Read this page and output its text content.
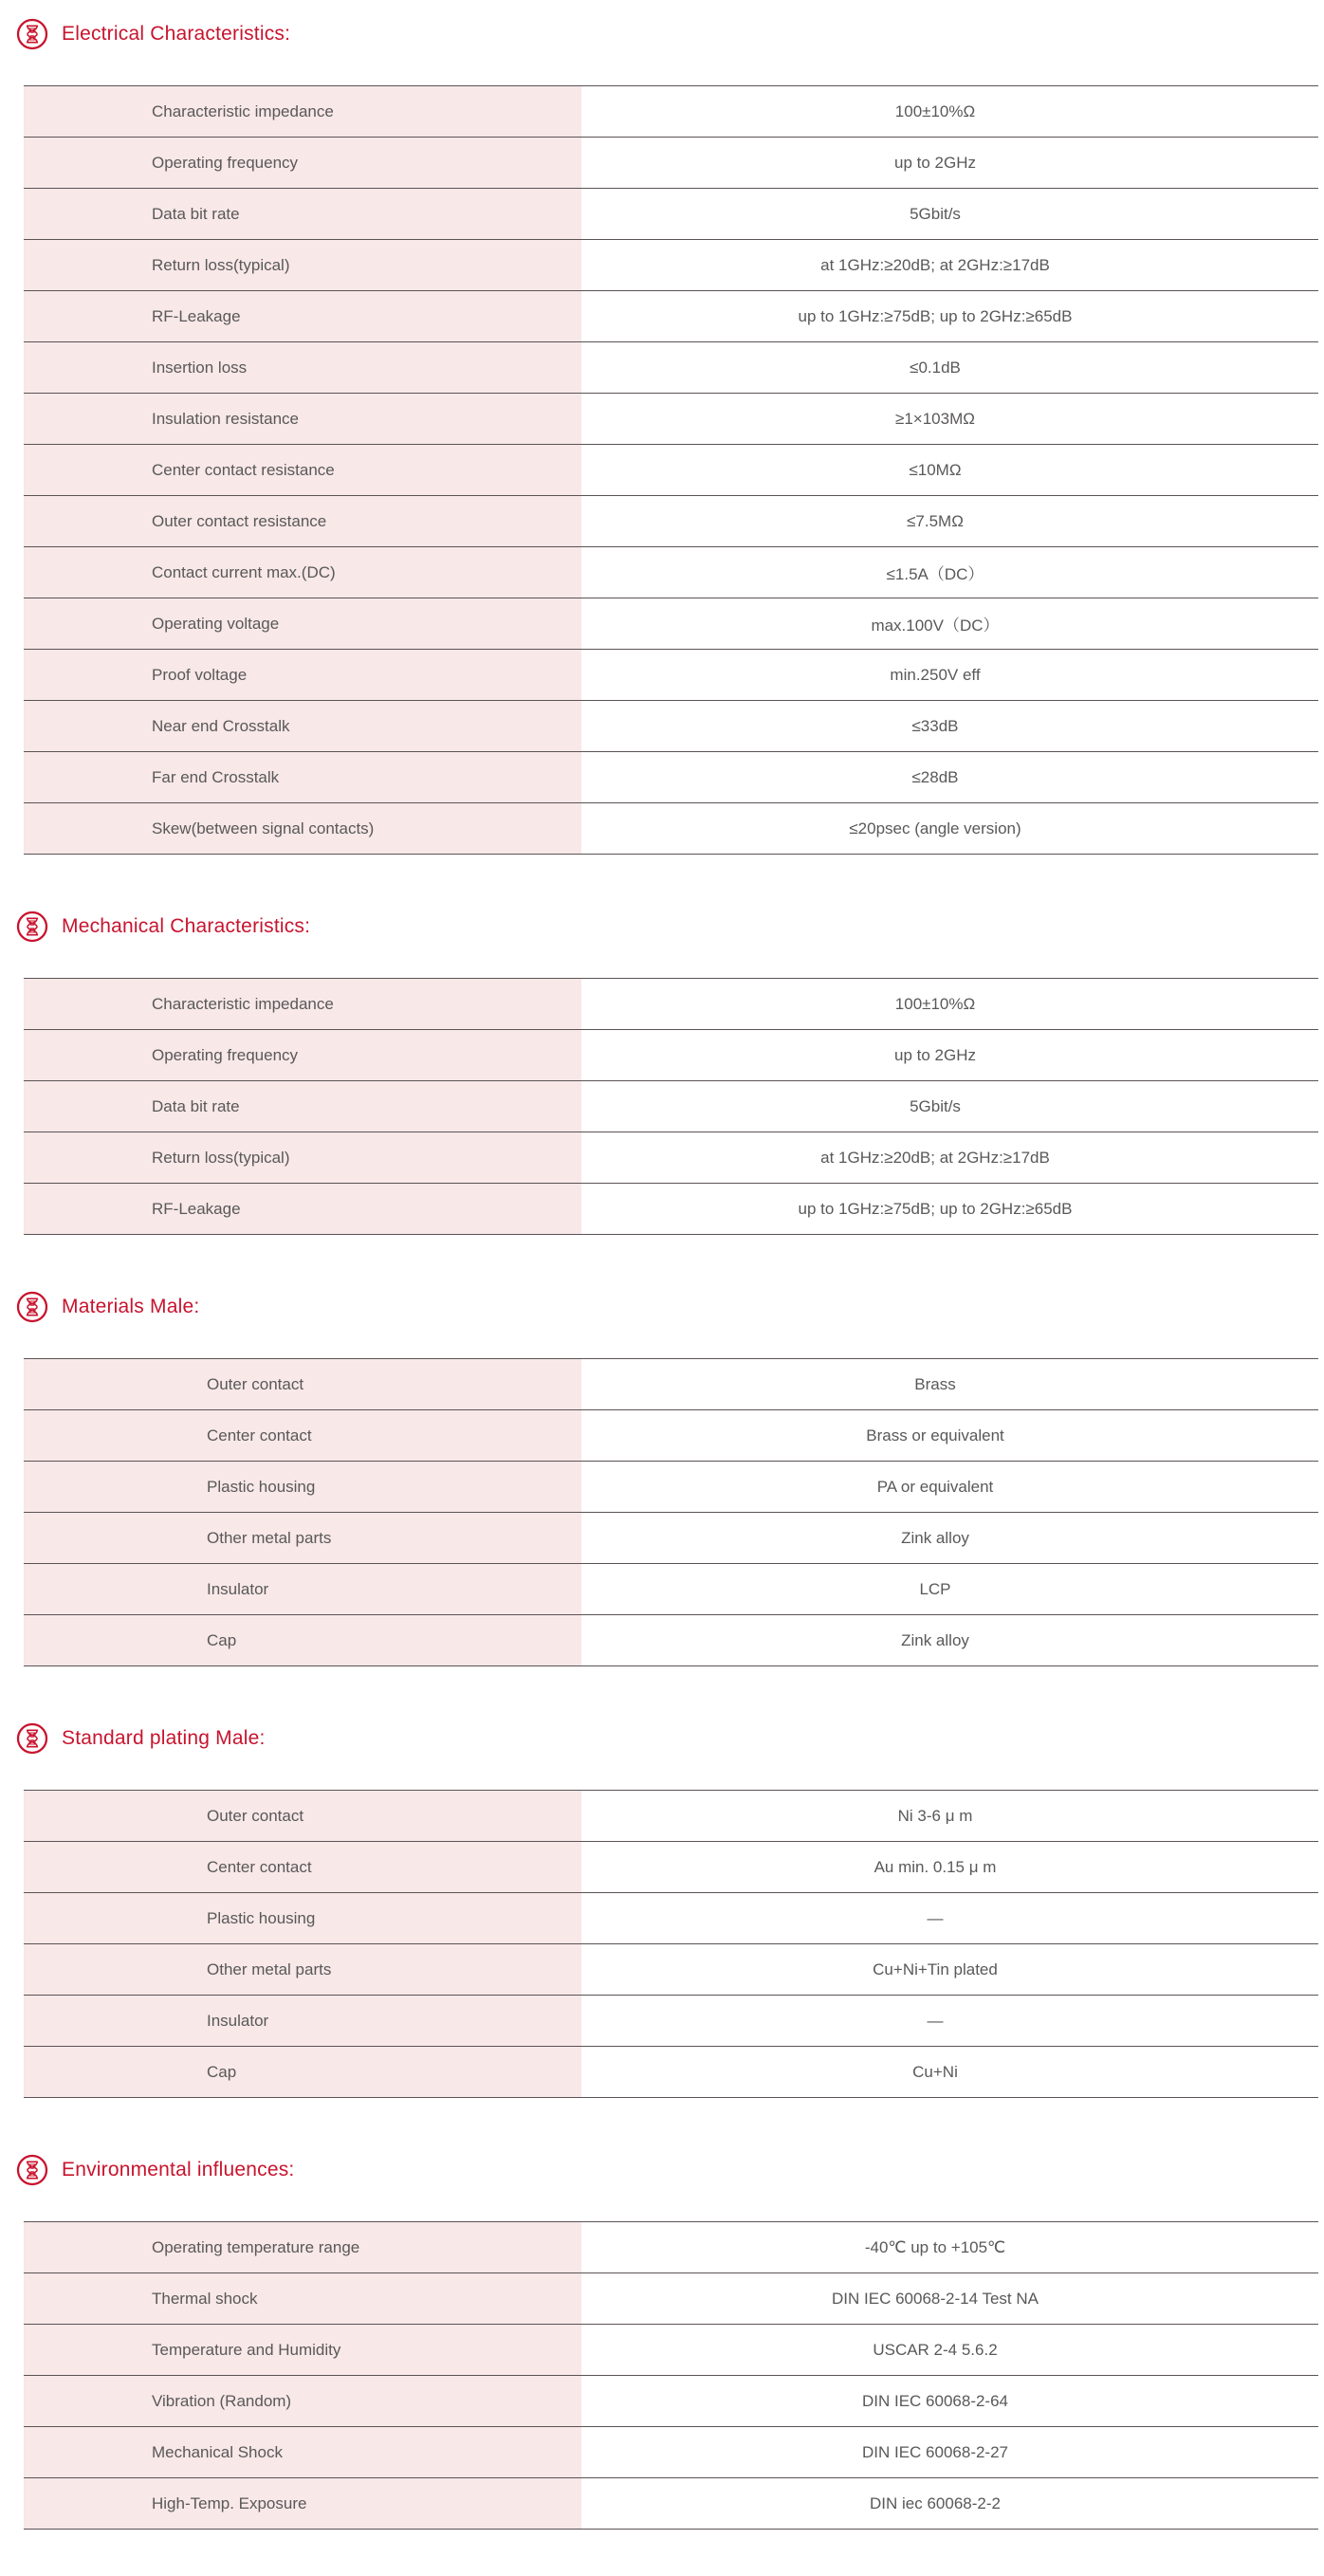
Electrical Characteristics:
Characteristic impedance	100±10%Ω
Operating frequency	up to 2GHz
Data bit rate	5Gbit/s
Return loss(typical)	at 1GHz:≥20dB; at 2GHz:≥17dB
RF-Leakage	up to 1GHz:≥75dB; up to 2GHz:≥65dB
Insertion loss	≤0.1dB
Insulation resistance	≥1×103MΩ
Center contact resistance	≤10MΩ
Outer contact resistance	≤7.5MΩ
Contact current max.(DC)	≤1.5A（DC）
Operating voltage	max.100V（DC）
Proof voltage	min.250V eff
Near end Crosstalk	≤33dB
Far end Crosstalk	≤28dB
Skew(between signal contacts)	≤20psec (angle version)
Mechanical Characteristics:
Characteristic impedance	100±10%Ω
Operating frequency	up to 2GHz
Data bit rate	5Gbit/s
Return loss(typical)	at 1GHz:≥20dB; at 2GHz:≥17dB
RF-Leakage	up to 1GHz:≥75dB; up to 2GHz:≥65dB
Materials Male:
Outer contact	Brass
Center contact	Brass or equivalent
Plastic housing	PA or equivalent
Other metal parts	Zink alloy
Insulator	LCP
Cap	Zink alloy
Standard plating Male:
Outer contact	Ni 3-6 μ m
Center contact	Au min. 0.15 μ m
Plastic housing	—
Other metal parts	Cu+Ni+Tin plated
Insulator	—
Cap	Cu+Ni
Environmental influences:
Operating temperature range	-40℃ up to +105℃
Thermal shock	DIN IEC 60068-2-14 Test NA
Temperature and Humidity	USCAR 2-4 5.6.2
Vibration (Random)	DIN IEC 60068-2-64
Mechanical Shock	DIN IEC 60068-2-27
High-Temp. Exposure	DIN iec 60068-2-2
